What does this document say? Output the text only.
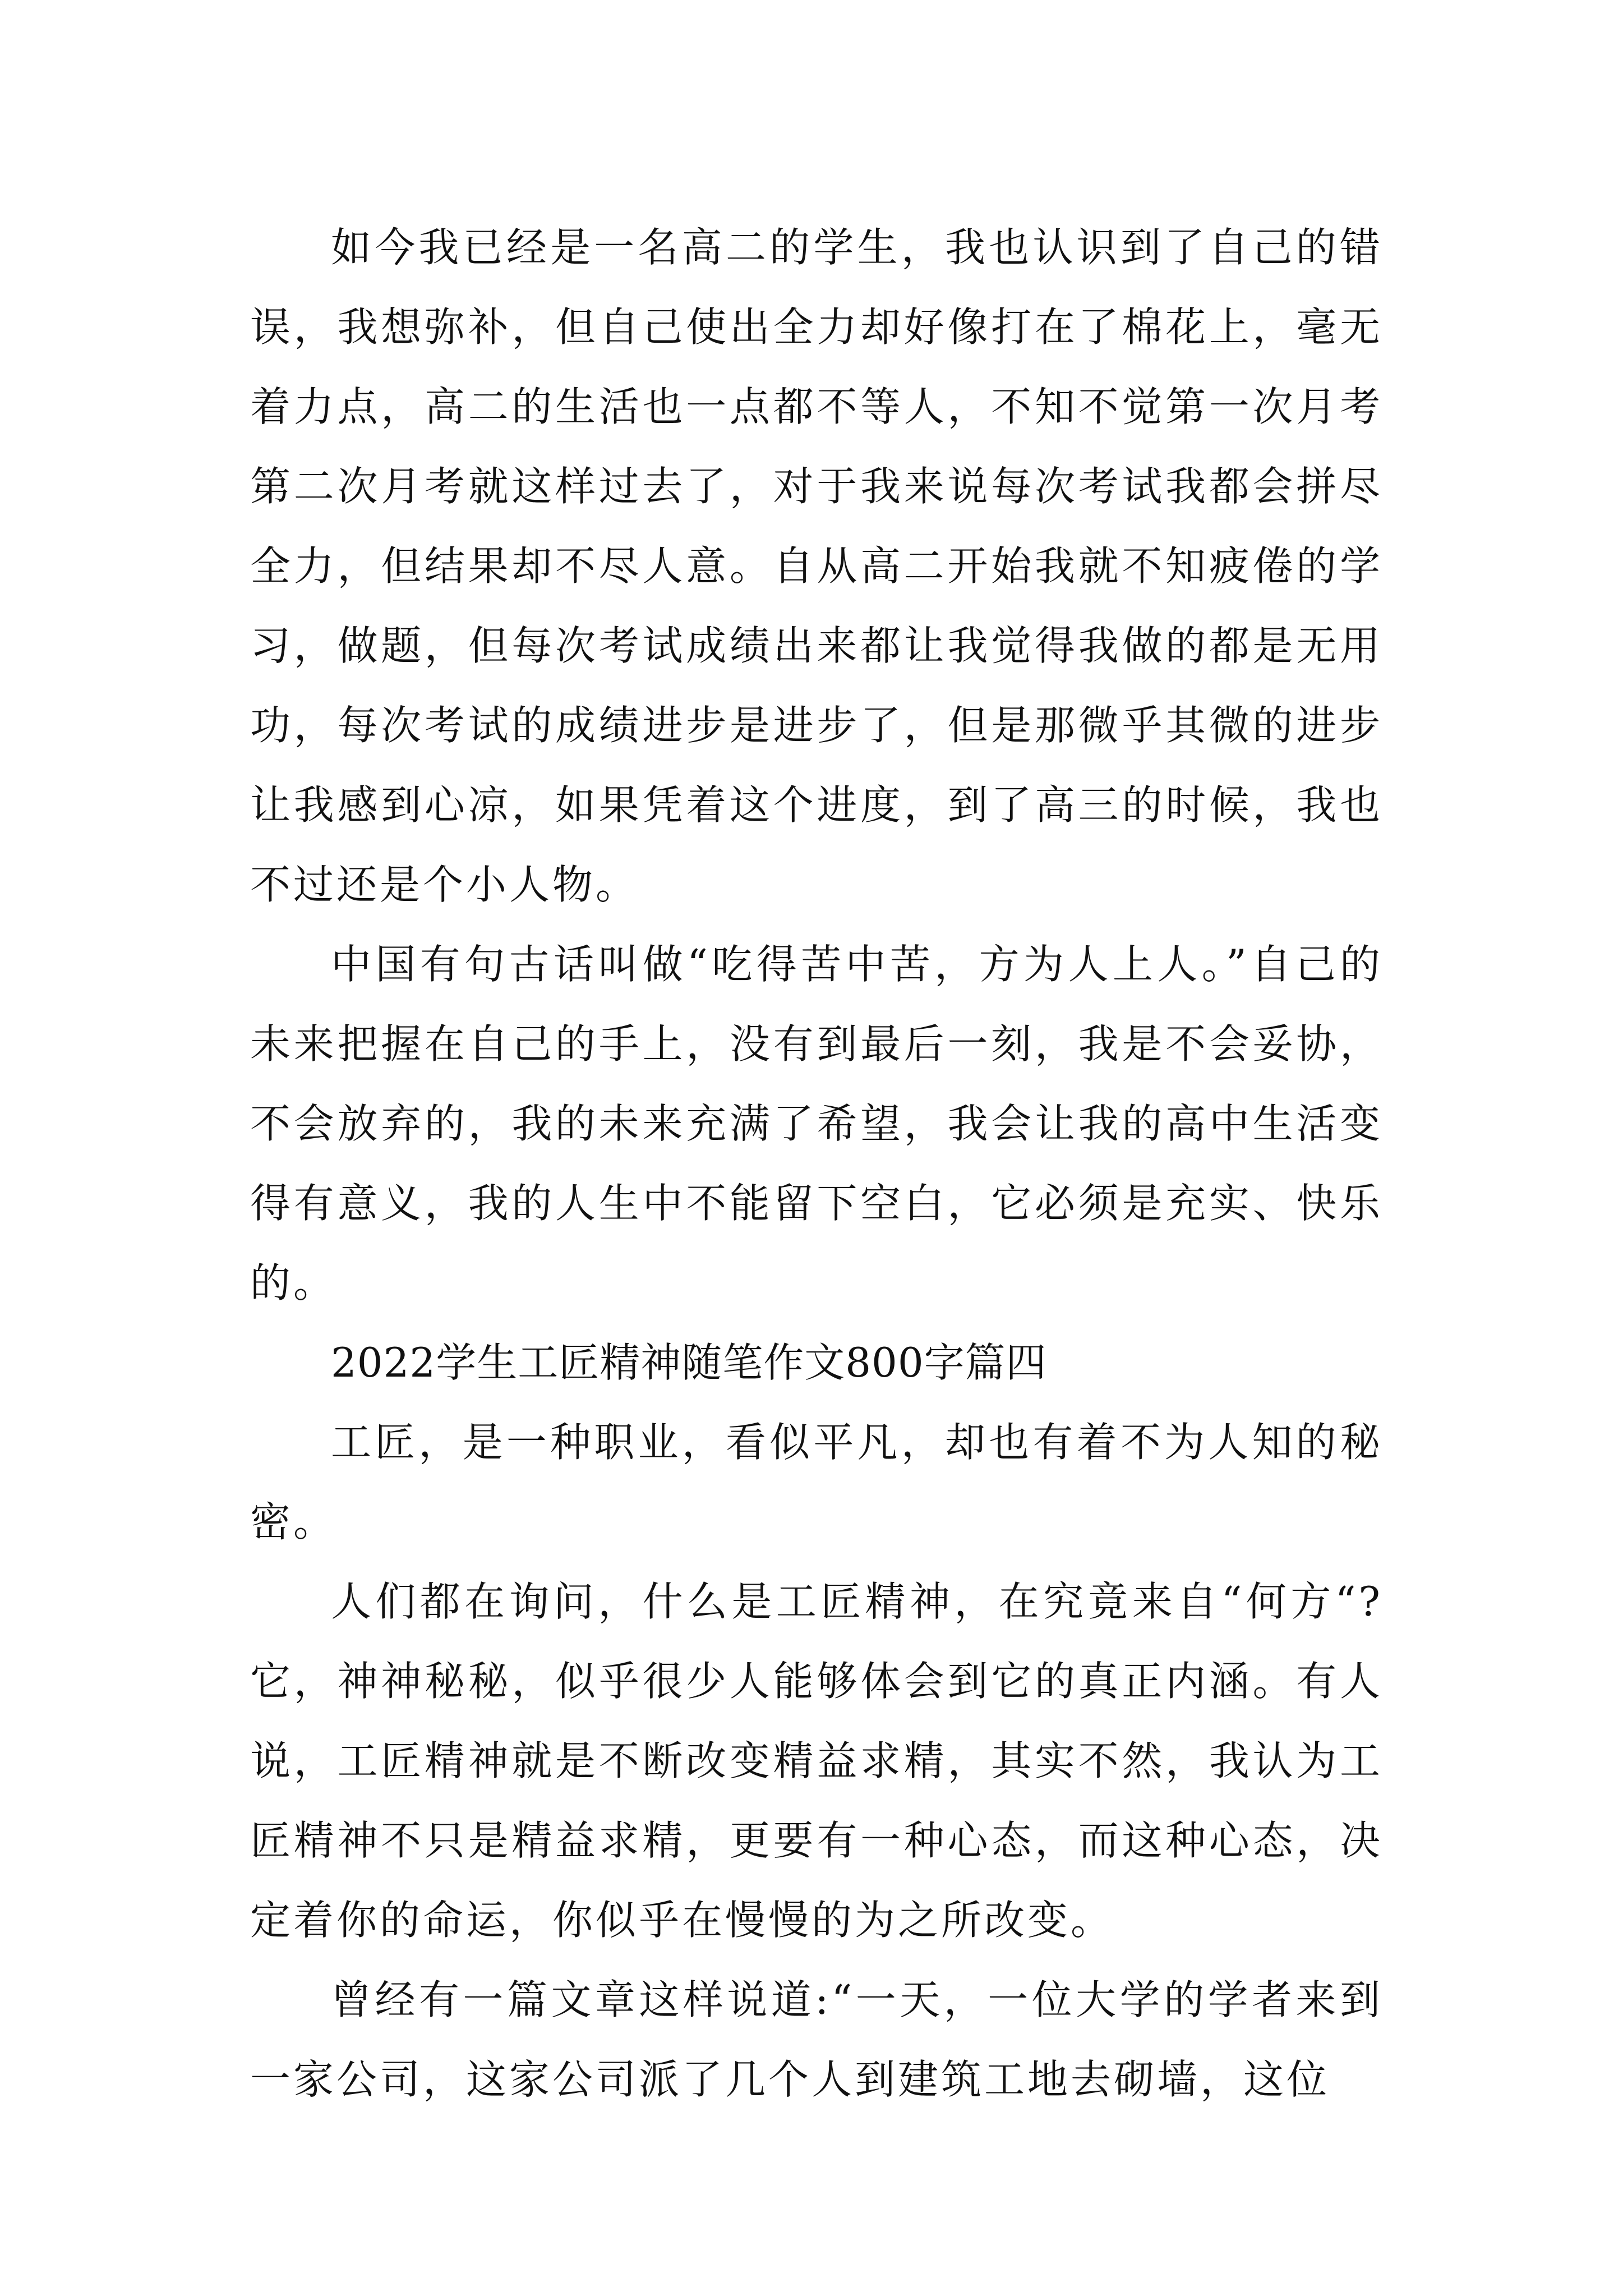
如今我已经是一名高二的学生，我也认识到了自己的错误，我想弥补，但自己使出全力却好像打在了棉花上，毫无着力点，高二的生活也一点都不等人，不知不觉第一次月考第二次月考就这样过去了，对于我来说每次考试我都会拼尽全力，但结果却不尽人意。自从高二开始我就不知疲倦的学习，做题，但每次考试成绩出来都让我觉得我做的都是无用功，每次考试的成绩进步是进步了，但是那微乎其微的进步让我感到心凉，如果凭着这个进度，到了高三的时候，我也不过还是个小人物。

中国有句古话叫做“吃得苦中苦，方为人上人。”自己的未来把握在自己的手上，没有到最后一刻，我是不会妥协，不会放弃的，我的未来充满了希望，我会让我的高中生活变得有意义，我的人生中不能留下空白，它必须是充实、快乐的。

2022学生工匠精神随笔作文800字篇四

工匠，是一种职业，看似平凡，却也有着不为人知的秘密。

人们都在询问，什么是工匠精神，在究竟来自“何方“?它，神神秘秘，似乎很少人能够体会到它的真正内涵。有人说，工匠精神就是不断改变精益求精，其实不然，我认为工匠精神不只是精益求精，更要有一种心态，而这种心态，决定着你的命运，你似乎在慢慢的为之所改变。

曾经有一篇文章这样说道:“一天，一位大学的学者来到一家公司，这家公司派了几个人到建筑工地去砌墙，这位
